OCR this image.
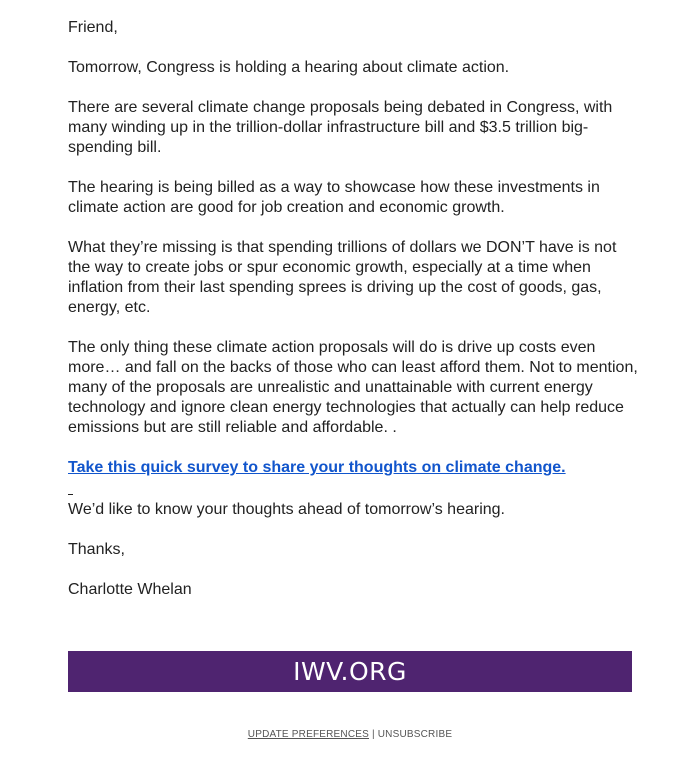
Friend,

Tomorrow, Congress is holding a hearing about climate action.

There are several climate change proposals being debated in Congress, with many winding up in the trillion-dollar infrastructure bill and $3.5 trillion big-spending bill.

The hearing is being billed as a way to showcase how these investments in climate action are good for job creation and economic growth.

What they’re missing is that spending trillions of dollars we DON’T have is not the way to create jobs or spur economic growth, especially at a time when inflation from their last spending sprees is driving up the cost of goods, gas, energy, etc.

The only thing these climate action proposals will do is drive up costs even more… and fall on the backs of those who can least afford them. Not to mention, many of the proposals are unrealistic and unattainable with current energy technology and ignore clean energy technologies that actually can help reduce emissions but are still reliable and affordable. .

Take this quick survey to share your thoughts on climate change.

We’d like to know your thoughts ahead of tomorrow’s hearing.

Thanks,

Charlotte Whelan

IWV.ORG
UPDATE PREFERENCES | UNSUBSCRIBE
